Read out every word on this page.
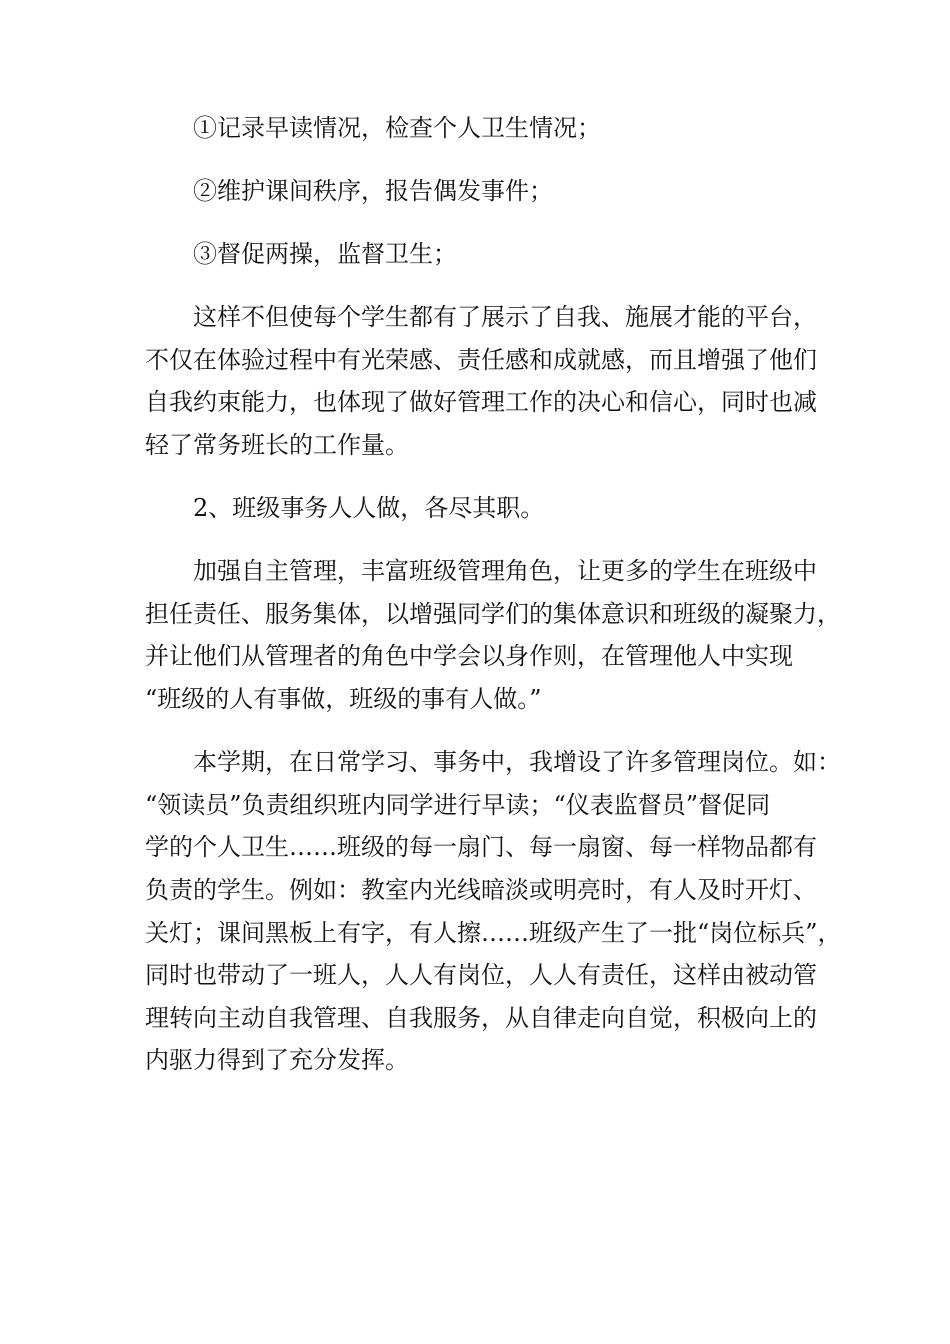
①记录早读情况，检查个人卫生情况；

②维护课间秩序，报告偶发事件；

③督促两操，监督卫生；

这样不但使每个学生都有了展示了自我、施展才能的平台，
不仅在体验过程中有光荣感、责任感和成就感，而且增强了他们
自我约束能力，也体现了做好管理工作的决心和信心，同时也减
轻了常务班长的工作量。

2、班级事务人人做，各尽其职。

加强自主管理，丰富班级管理角色，让更多的学生在班级中
担任责任、服务集体，以增强同学们的集体意识和班级的凝聚力，
并让他们从管理者的角色中学会以身作则，在管理他人中实现
“班级的人有事做，班级的事有人做。”

本学期，在日常学习、事务中，我增设了许多管理岗位。如：
“领读员”负责组织班内同学进行早读；“仪表监督员”督促同
学的个人卫生……班级的每一扇门、每一扇窗、每一样物品都有
负责的学生。例如：教室内光线暗淡或明亮时，有人及时开灯、
关灯；课间黑板上有字，有人擦……班级产生了一批“岗位标兵”，
同时也带动了一班人，人人有岗位，人人有责任，这样由被动管
理转向主动自我管理、自我服务，从自律走向自觉，积极向上的
内驱力得到了充分发挥。
